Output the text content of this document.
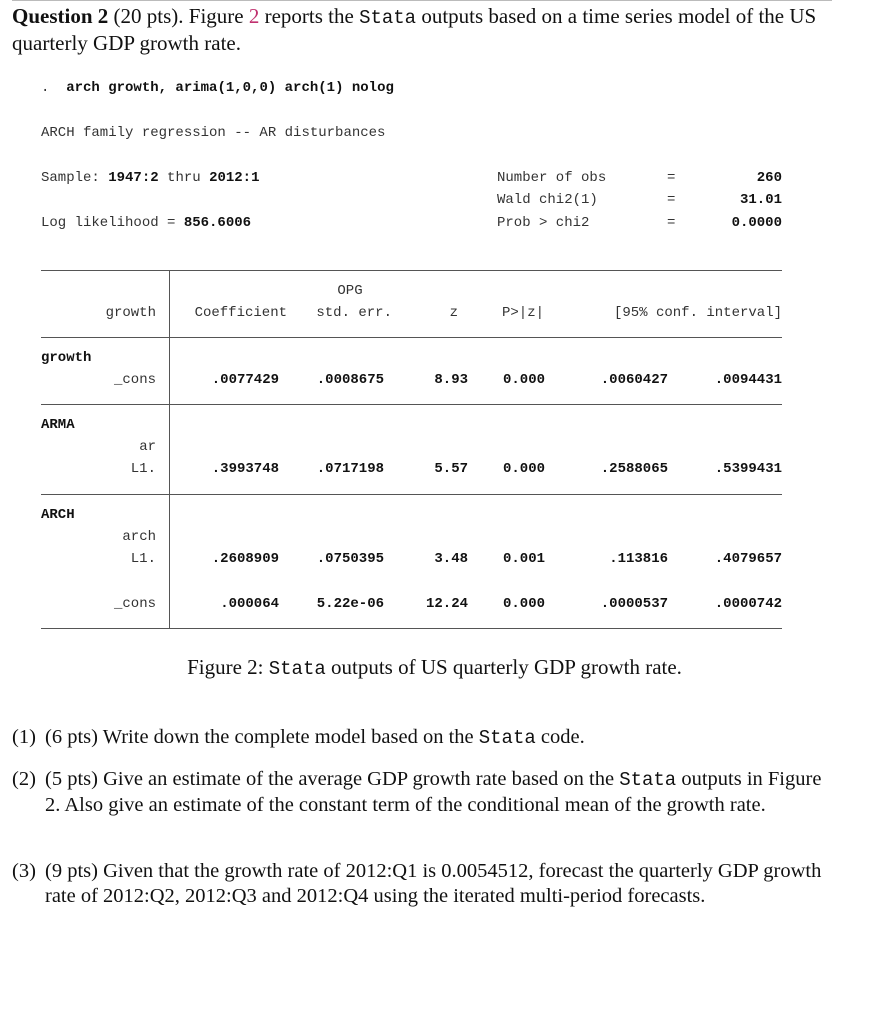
Question 2 (20 pts). Figure 2 reports the Stata outputs based on a time series model of the US quarterly GDP growth rate.
. arch growth, arima(1,0,0) arch(1) nolog
ARCH family regression -- AR disturbances
Sample: 1947:2 thru 2012:1
Log likelihood = 856.6006
Number of obs	=	260
Wald chi2(1)	=	31.01
Prob > chi2	=	0.0000
OPG
growth	Coefficient	std. err.	z	P>|z|	[95% conf. interval]
growth
_cons	.0077429	.0008675	8.93	0.000	.0060427	.0094431
ARMA
ar
L1.	.3993748	.0717198	5.57	0.000	.2588065	.5399431
ARCH
arch
L1.	.2608909	.0750395	3.48	0.001	.113816	.4079657
_cons	.000064	5.22e-06	12.24	0.000	.0000537	.0000742
Figure 2: Stata outputs of US quarterly GDP growth rate.
(1) (6 pts) Write down the complete model based on the Stata code.
(2) (5 pts) Give an estimate of the average GDP growth rate based on the Stata outputs in Figure 2. Also give an estimate of the constant term of the conditional mean of the growth rate.
(3) (9 pts) Given that the growth rate of 2012:Q1 is 0.0054512, forecast the quarterly GDP growth rate of 2012:Q2, 2012:Q3 and 2012:Q4 using the iterated multi-period forecasts.
